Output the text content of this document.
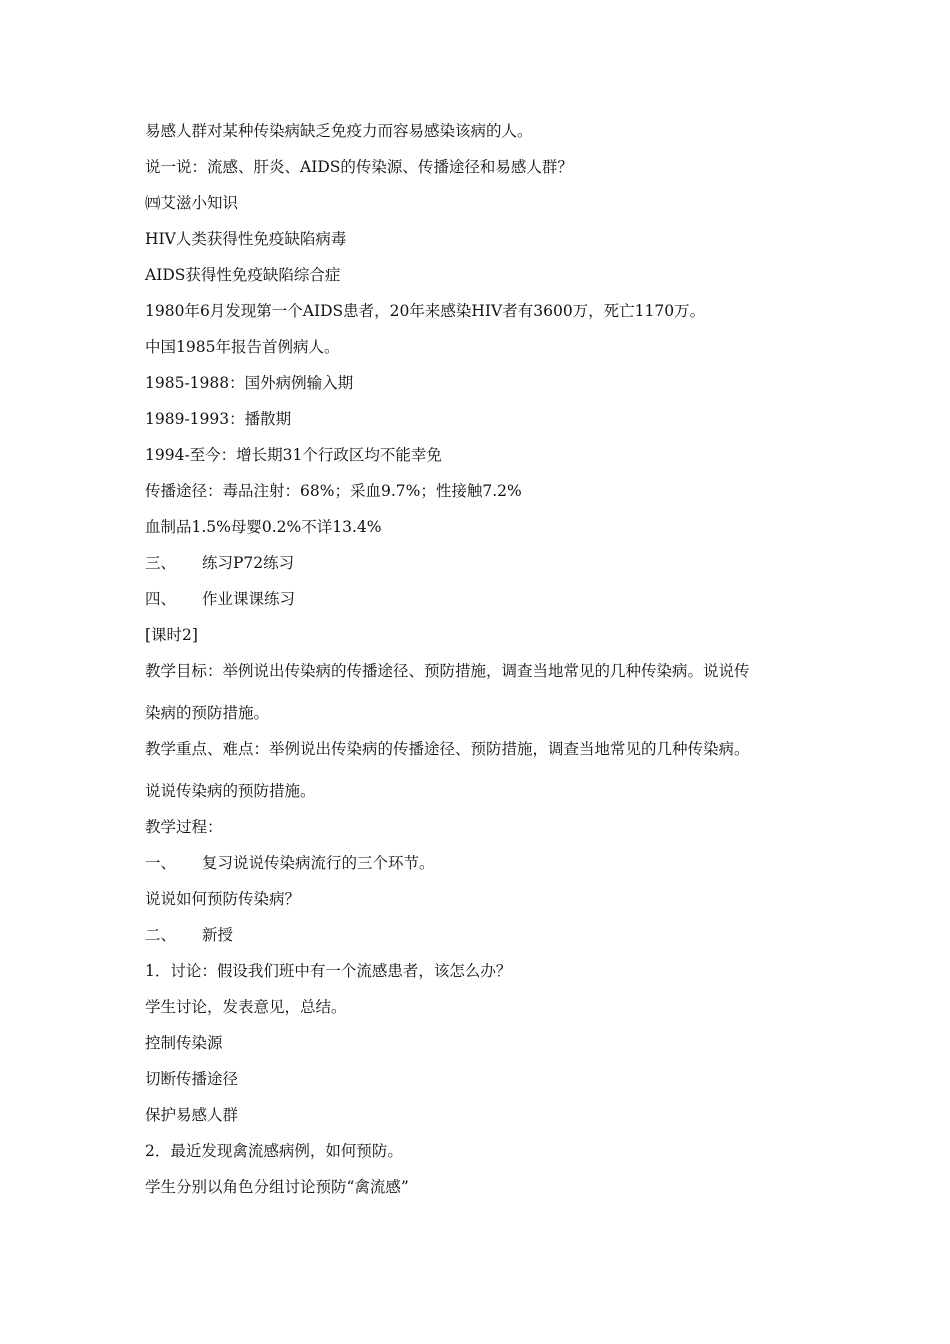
易感人群对某种传染病缺乏免疫力而容易感染该病的人。
说一说：流感、肝炎、AIDS的传染源、传播途径和易感人群？
㈣艾滋小知识
HIV人类获得性免疫缺陷病毒
AIDS获得性免疫缺陷综合症
1980年6月发现第一个AIDS患者，20年来感染HIV者有3600万，死亡1170万。
中国1985年报告首例病人。
1985-1988：国外病例输入期
1989-1993：播散期
1994-至今：增长期31个行政区均不能幸免
传播途径：毒品注射：68%；采血9.7%；性接触7.2%
血制品1.5%母婴0.2%不详13.4%
三、 练习P72练习
四、 作业课课练习
[课时2]
教学目标：举例说出传染病的传播途径、预防措施，调查当地常见的几种传染病。说说传
染病的预防措施。
教学重点、难点：举例说出传染病的传播途径、预防措施，调查当地常见的几种传染病。
说说传染病的预防措施。
教学过程：
一、 复习说说传染病流行的三个环节。
说说如何预防传染病？
二、 新授
1．讨论：假设我们班中有一个流感患者，该怎么办？
学生讨论，发表意见，总结。
控制传染源
切断传播途径
保护易感人群
2．最近发现禽流感病例，如何预防。
学生分别以角色分组讨论预防“禽流感”
